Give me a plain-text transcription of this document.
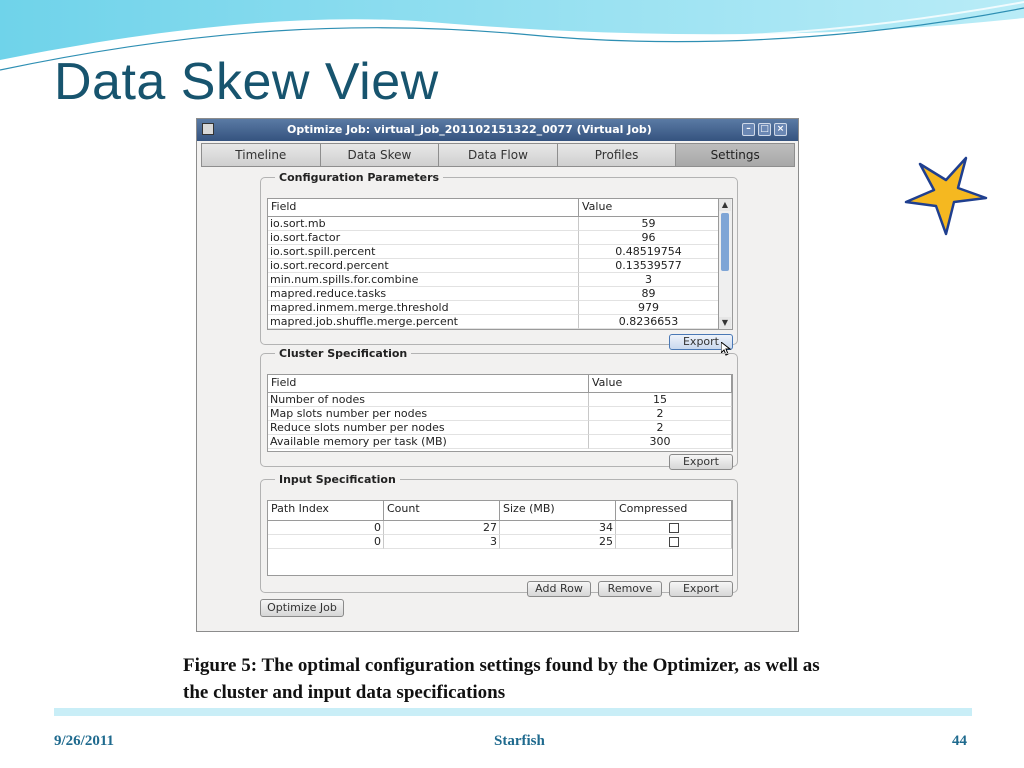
Data Skew View
Optimize Job: virtual_job_201102151322_0077 (Virtual Job)	–	□ ×
Timeline	Data Skew	Data Flow	Profiles	Settings
Configuration Parameters
Field	Value
io.sort.mb	59
io.sort.factor	96
io.sort.spill.percent	0.48519754
io.sort.record.percent	0.13539577
min.num.spills.for.combine	3
mapred.reduce.tasks	89
mapred.inmem.merge.threshold	979
mapred.job.shuffle.merge.percent	0.8236653
▲
▼
Export
Cluster Specification
Field	Value
Number of nodes	15
Map slots number per nodes	2
Reduce slots number per nodes	2
Available memory per task (MB)	300
Export
Input Specification
Path Index	Count	Size (MB)	Compressed
0	27	34
0	3	25
Add Row	Remove	Export
Optimize Job
Figure 5: The optimal configuration settings found by the Optimizer, as well as the cluster and input data specifications
9/26/2011	Starfish	44
